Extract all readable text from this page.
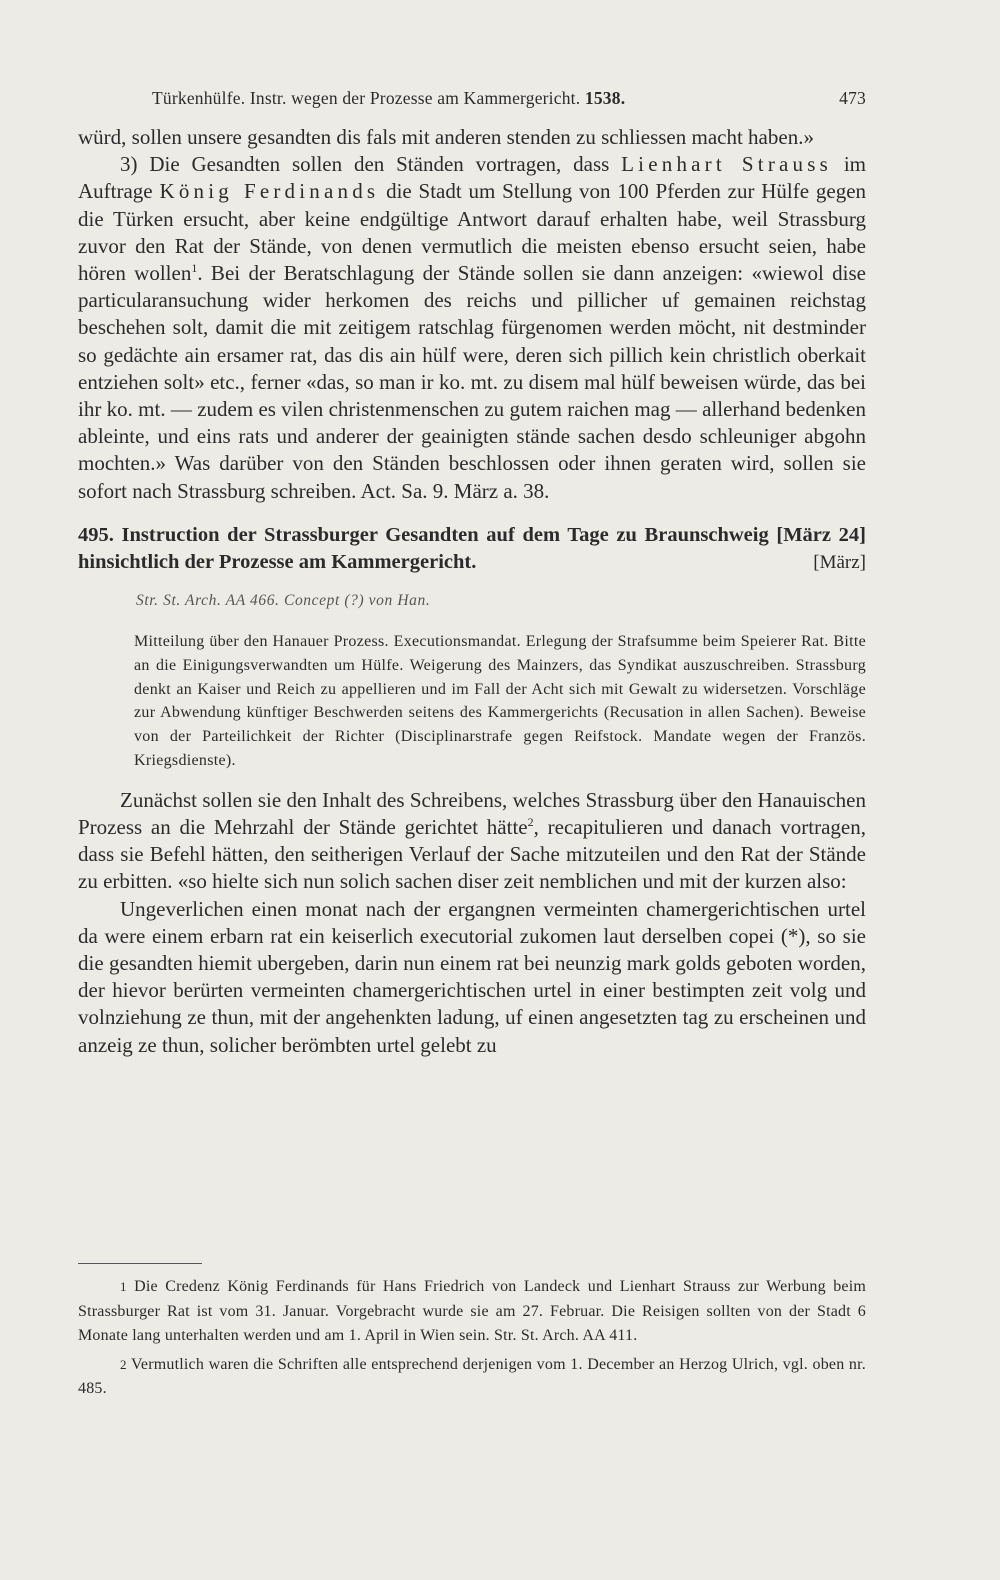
Türkenhülfe. Instr. wegen der Prozesse am Kammergericht. 1538.	473

würd, sollen unsere gesandten dis fals mit anderen stenden zu schliessen macht haben.»

3) Die Gesandten sollen den Ständen vortragen, dass Lienhart Strauss im Auftrage König Ferdinands die Stadt um Stellung von 100 Pferden zur Hülfe gegen die Türken ersucht, aber keine endgültige Antwort darauf erhalten habe, weil Strassburg zuvor den Rat der Stände, von denen vermutlich die meisten ebenso ersucht seien, habe hören wollen$^1$. Bei der Beratschlagung der Stände sollen sie dann anzeigen: «wiewol dise particularansuchung wider herkomen des reichs und pillicher uf gemainen reichstag beschehen solt, damit die mit zeitigem ratschlag fürgenomen werden möcht, nit destminder so gedächte ain ersamer rat, das dis ain hülf were, deren sich pillich kein christlich oberkait entziehen solt» etc., ferner «das, so man ir ko. mt. zu disem mal hülf beweisen würde, das bei ihr ko. mt. — zudem es vilen christenmenschen zu gutem raichen mag — allerhand bedenken ableinte, und eins rats und anderer der geainigten stände sachen desdo schleuniger abgohn mochten.» Was darüber von den Ständen beschlossen oder ihnen geraten wird, sollen sie sofort nach Strassburg schreiben. Act. Sa. 9. März a. 38.

495. Instruction der Strassburger Gesandten auf dem Tage zu Braunschweig [März 24] hinsichtlich der Prozesse am Kammergericht.	[März]

Str. St. Arch. AA 466. Concept (?) von Han.

Mitteilung über den Hanauer Prozess. Executionsmandat. Erlegung der Strafsumme beim Speierer Rat. Bitte an die Einigungsverwandten um Hülfe. Weigerung des Mainzers, das Syndikat auszuschreiben. Strassburg denkt an Kaiser und Reich zu appellieren und im Fall der Acht sich mit Gewalt zu widersetzen. Vorschläge zur Abwendung künftiger Beschwerden seitens des Kammergerichts (Recusation in allen Sachen). Beweise von der Parteilichkeit der Richter (Disciplinarstrafe gegen Reifstock. Mandate wegen der Französ. Kriegsdienste).

Zunächst sollen sie den Inhalt des Schreibens, welches Strassburg über den Hanauischen Prozess an die Mehrzahl der Stände gerichtet hätte$^2$, recapitulieren und danach vortragen, dass sie Befehl hätten, den seitherigen Verlauf der Sache mitzuteilen und den Rat der Stände zu erbitten. «so hielte sich nun solich sachen diser zeit nemblichen und mit der kurzen also:

Ungeverlichen einen monat nach der ergangnen vermeinten chamergerichtischen urtel da were einem erbarn rat ein keiserlich executorial zukomen laut derselben copei (*), so sie die gesandten hiemit ubergeben, darin nun einem rat bei neunzig mark golds geboten worden, der hievor berürten vermeinten chamergerichtischen urtel in einer bestimpten zeit volg und volnziehung ze thun, mit der angehenkten ladung, uf einen angesetzten tag zu erscheinen und anzeig ze thun, solicher berömbten urtel gelebt zu

1 Die Credenz König Ferdinands für Hans Friedrich von Landeck und Lienhart Strauss zur Werbung beim Strassburger Rat ist vom 31. Januar. Vorgebracht wurde sie am 27. Februar. Die Reisigen sollten von der Stadt 6 Monate lang unterhalten werden und am 1. April in Wien sein. Str. St. Arch. AA 411.

2 Vermutlich waren die Schriften alle entsprechend derjenigen vom 1. December an Herzog Ulrich, vgl. oben nr. 485.
